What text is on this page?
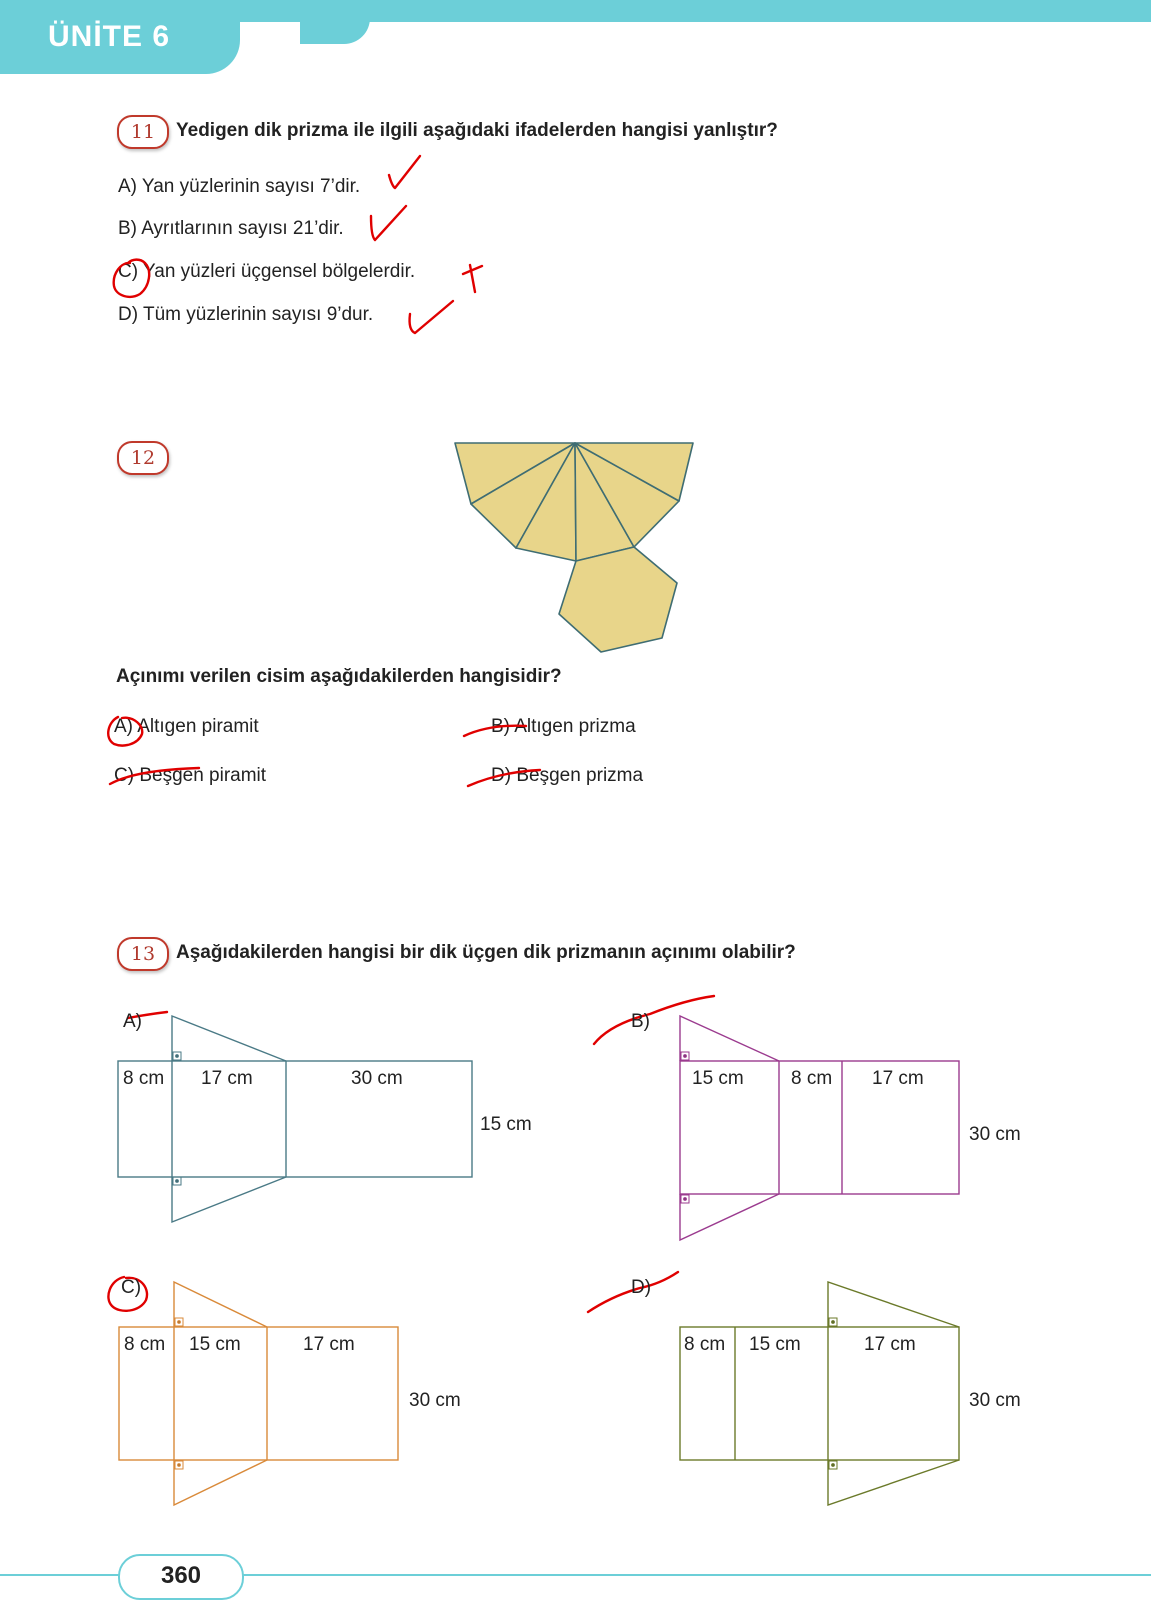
ÜNİTE 6
11	Yedigen dik prizma ile ilgili aşağıdaki ifadelerden hangisi yanlıştır?
A) Yan yüzlerinin sayısı 7’dir.
B) Ayrıtlarının sayısı 21’dir.
C) Yan yüzleri üçgensel bölgelerdir.
D) Tüm yüzlerinin sayısı 9’dur.
12
Açınımı verilen cisim aşağıdakilerden hangisidir?
A) Altıgen piramit	B) Altıgen prizma
C) Beşgen piramit	D) Beşgen prizma
13	Aşağıdakilerden hangisi bir dik üçgen dik prizmanın açınımı olabilir?
A)
8 cm 17 cm	30 cm
15 cm
B)
15 cm 8 cm 17 cm
30 cm
C)
8 cm 15 cm	17 cm
30 cm
D)
8 cm 15 cm	17 cm
30 cm
360
